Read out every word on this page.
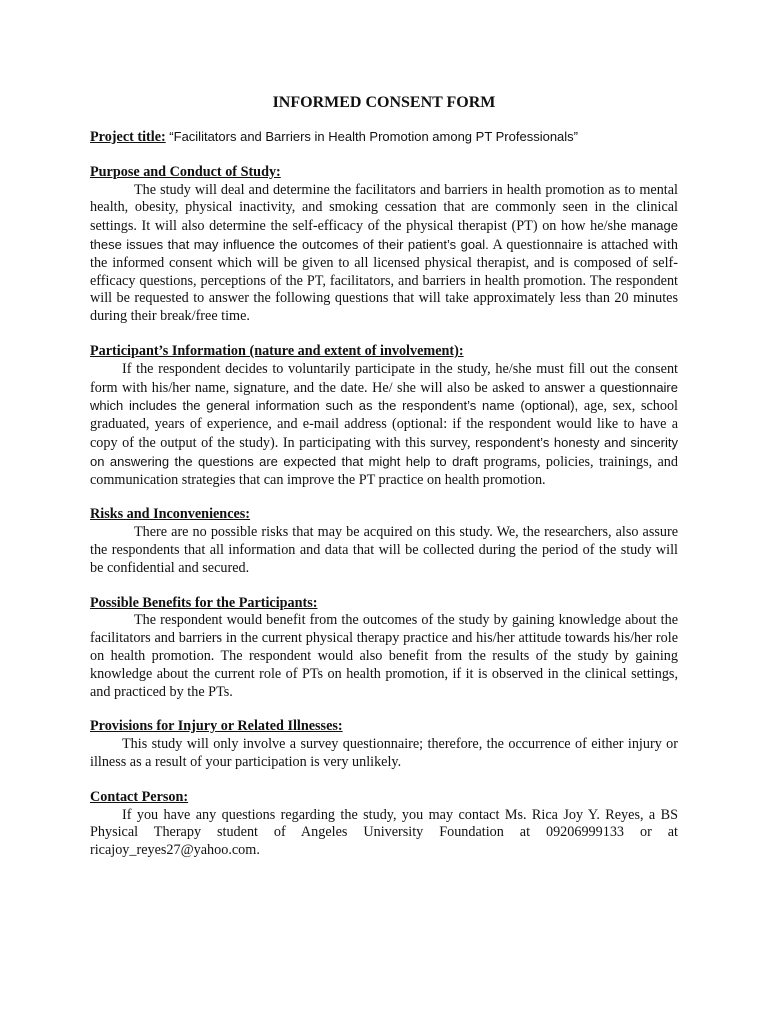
INFORMED CONSENT FORM
Project title: “Facilitators and Barriers in Health Promotion among PT Professionals”
Purpose and Conduct of Study:

The study will deal and determine the facilitators and barriers in health promotion as to mental health, obesity, physical inactivity, and smoking cessation that are commonly seen in the clinical settings. It will also determine the self-efficacy of the physical therapist (PT) on how he/she manage these issues that may influence the outcomes of their patient’s goal. A questionnaire is attached with the informed consent which will be given to all licensed physical therapist, and is composed of self-efficacy questions, perceptions of the PT, facilitators, and barriers in health promotion. The respondent will be requested to answer the following questions that will take approximately less than 20 minutes during their break/free time.

Participant’s Information (nature and extent of involvement):

If the respondent decides to voluntarily participate in the study, he/she must fill out the consent form with his/her name, signature, and the date. He/ she will also be asked to answer a questionnaire which includes the general information such as the respondent’s name (optional), age, sex, school graduated, years of experience, and e-mail address (optional: if the respondent would like to have a copy of the output of the study). In participating with this survey, respondent’s honesty and sincerity on answering the questions are expected that might help to draft programs, policies, trainings, and communication strategies that can improve the PT practice on health promotion.

Risks and Inconveniences:

There are no possible risks that may be acquired on this study. We, the researchers, also assure the respondents that all information and data that will be collected during the period of the study will be confidential and secured.

Possible Benefits for the Participants:

The respondent would benefit from the outcomes of the study by gaining knowledge about the facilitators and barriers in the current physical therapy practice and his/her attitude towards his/her role on health promotion. The respondent would also benefit from the results of the study by gaining knowledge about the current role of PTs on health promotion, if it is observed in the clinical settings, and practiced by the PTs.

Provisions for Injury or Related Illnesses:

This study will only involve a survey questionnaire; therefore, the occurrence of either injury or illness as a result of your participation is very unlikely.

Contact Person:

If you have any questions regarding the study, you may contact Ms. Rica Joy Y. Reyes, a BS Physical Therapy student of Angeles University Foundation at 09206999133 or at ricajoy_reyes27@yahoo.com.
